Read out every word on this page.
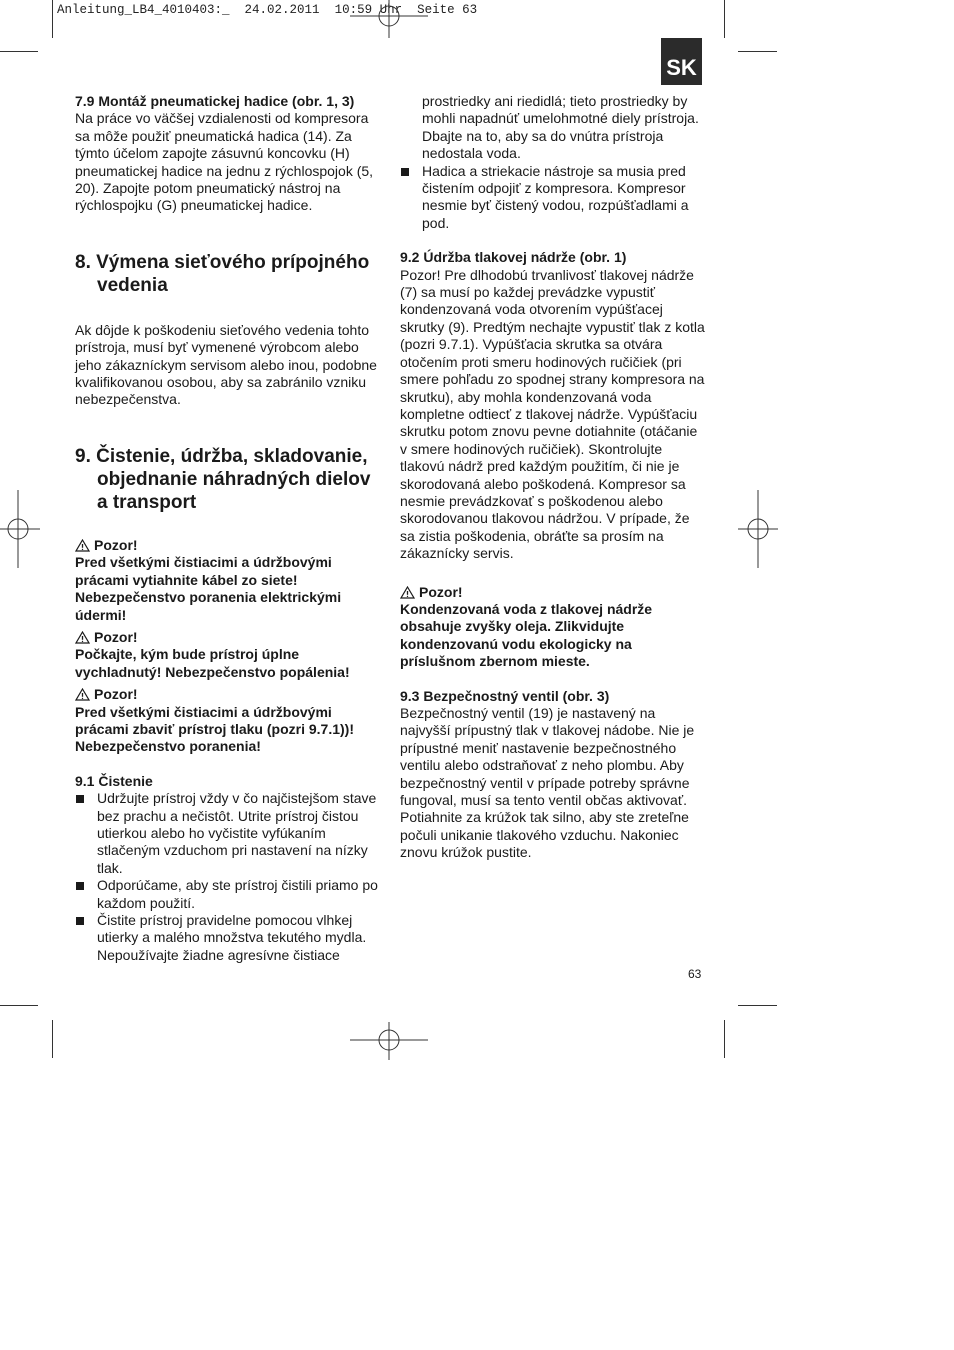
Anleitung_LB4_4010403:_ 24.02.2011 10:59 Uhr Seite 63
SK

7.9 Montáž pneumatickej hadice (obr. 1, 3)

Na práce vo väčšej vzdialenosti od kompresora sa môže použiť pneumatická hadica (14). Za týmto účelom zapojte zásuvnú koncovku (H) pneumatickej hadice na jednu z rýchlospojok (5, 20). Zapojte potom pneumatický nástroj na rýchlospojku (G) pneumatickej hadice.

8. Výmena sieťového prípojného vedenia

Ak dôjde k poškodeniu sieťového vedenia tohto prístroja, musí byť vymenené výrobcom alebo jeho zákazníckym servisom alebo inou, podobne kvalifikovanou osobou, aby sa zabránilo vzniku nebezpečenstva.

9. Čistenie, údržba, skladovanie, objednanie náhradných dielov a transport

Pozor!

Pred všetkými čistiacimi a údržbovými prácami vytiahnite kábel zo siete! Nebezpečenstvo poranenia elektrickými údermi!

Pozor!

Počkajte, kým bude prístroj úplne vychladnutý! Nebezpečenstvo popálenia!

Pozor!

Pred všetkými čistiacimi a údržbovými prácami zbaviť prístroj tlaku (pozri 9.7.1))! Nebezpečenstvo poranenia!

9.1 Čistenie

Udržujte prístroj vždy v čo najčistejšom stave bez prachu a nečistôt. Utrite prístroj čistou utierkou alebo ho vyčistite vyfúkaním stlačeným vzduchom pri nastavení na nízky tlak.
Odporúčame, aby ste prístroj čistili priamo po každom použití.
Čistite prístroj pravidelne pomocou vlhkej utierky a malého množstva tekutého mydla. Nepoužívajte žiadne agresívne čistiace

prostriedky ani riedidlá; tieto prostriedky by mohli napadnúť umelohmotné diely prístroja. Dbajte na to, aby sa do vnútra prístroja nedostala voda.

Hadica a striekacie nástroje sa musia pred čistením odpojiť z kompresora. Kompresor nesmie byť čistený vodou, rozpúšťadlami a pod.

9.2 Údržba tlakovej nádrže (obr. 1)

Pozor! Pre dlhodobú trvanlivosť tlakovej nádrže (7) sa musí po každej prevádzke vypustiť kondenzovaná voda otvorením vypúšťacej skrutky (9). Predtým nechajte vypustiť tlak z kotla (pozri 9.7.1). Vypúšťacia skrutka sa otvára otočením proti smeru hodinových ručičiek (pri smere pohľadu zo spodnej strany kompresora na skrutku), aby mohla kondenzovaná voda kompletne odtiecť z tlakovej nádrže. Vypúšťaciu skrutku potom znovu pevne dotiahnite (otáčanie v smere hodinových ručičiek). Skontrolujte tlakovú nádrž pred každým použitím, či nie je skorodovaná alebo poškodená. Kompresor sa nesmie prevádzkovať s poškodenou alebo skorodovanou tlakovou nádržou. V prípade, že sa zistia poškodenia, obráťte sa prosím na zákaznícky servis.

Pozor!

Kondenzovaná voda z tlakovej nádrže obsahuje zvyšky oleja. Zlikvidujte kondenzovanú vodu ekologicky na príslušnom zbernom mieste.

9.3 Bezpečnostný ventil (obr. 3)

Bezpečnostný ventil (19) je nastavený na najvyšší prípustný tlak v tlakovej nádobe. Nie je prípustné meniť nastavenie bezpečnostného ventilu alebo odstraňovať z neho plombu. Aby bezpečnostný ventil v prípade potreby správne fungoval, musí sa tento ventil občas aktivovať. Potiahnite za krúžok tak silno, aby ste zreteľne počuli unikanie tlakového vzduchu. Nakoniec znovu krúžok pustite.

63
